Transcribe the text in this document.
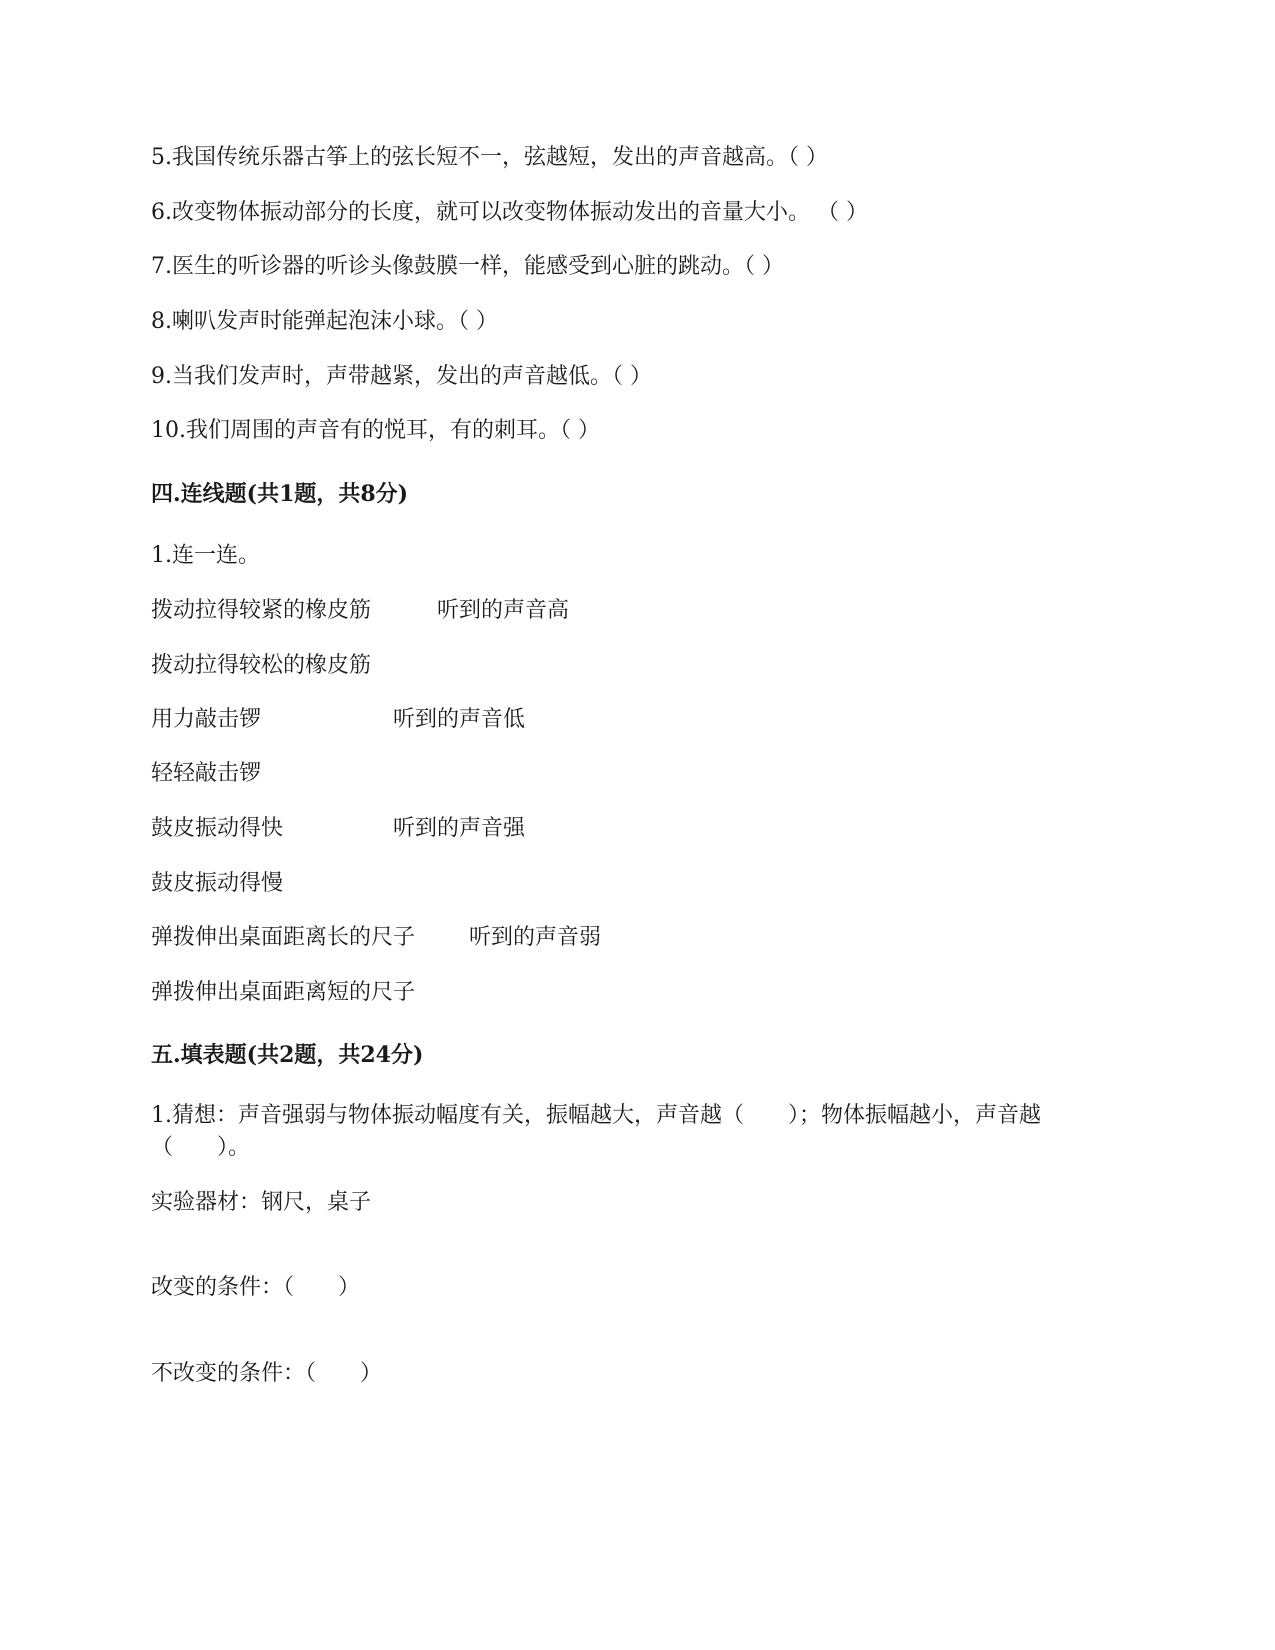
5.我国传统乐器古筝上的弦长短不一，弦越短，发出的声音越高。（ ）
6.改变物体振动部分的长度，就可以改变物体振动发出的音量大小。 （ ）
7.医生的听诊器的听诊头像鼓膜一样，能感受到心脏的跳动。（ ）
8.喇叭发声时能弹起泡沫小球。（ ）
9.当我们发声时，声带越紧，发出的声音越低。（ ）
10.我们周围的声音有的悦耳，有的刺耳。（ ）
四.连线题(共1题，共8分)
1.连一连。
拨动拉得较紧的橡皮筋	听到的声音高
拨动拉得较松的橡皮筋
用力敲击锣	听到的声音低
轻轻敲击锣
鼓皮振动得快	听到的声音强
鼓皮振动得慢
弹拨伸出桌面距离长的尺子 听到的声音弱
弹拨伸出桌面距离短的尺子
五.填表题(共2题，共24分)
1.猜想：声音强弱与物体振动幅度有关，振幅越大，声音越（　　）；物体振幅越小，声音越（　　）。
实验器材：钢尺，桌子
改变的条件：（　　）
不改变的条件：（　　）
